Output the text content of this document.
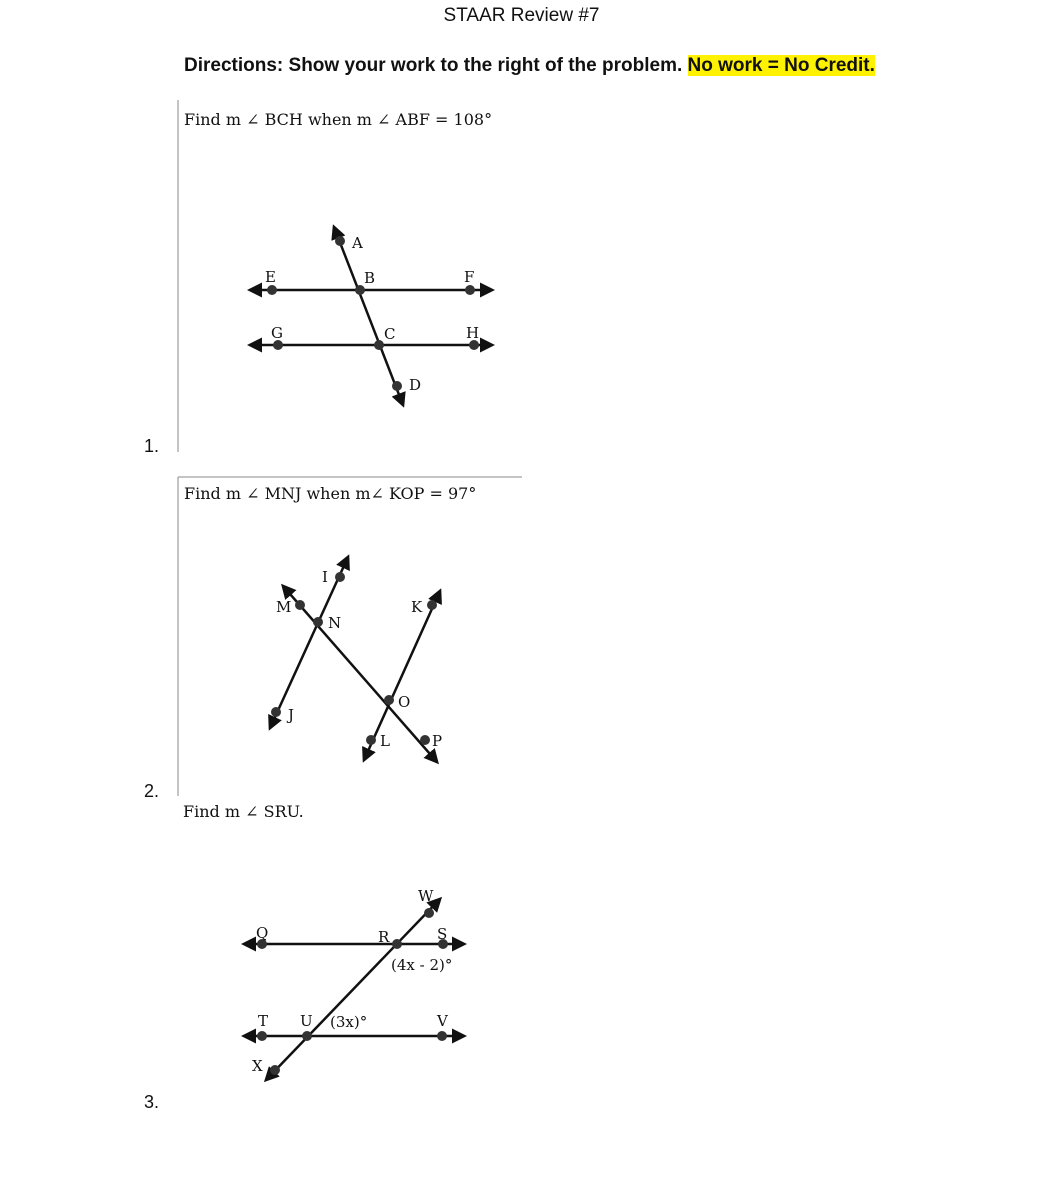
STAAR Review #7
Directions: Show your work to the right of the problem. No work = No Credit.
Find m ∠ BCH when m ∠ ABF = 108°
1.
Find m ∠ MNJ when m∠ KOP = 97°
2.
Find m ∠ SRU.
3.
A
B
C
D
E	F
G	H
I
J
K
L
M
N
O
P
Q	R	S
T U	V
W
X
(4x - 2)°
(3x)°
